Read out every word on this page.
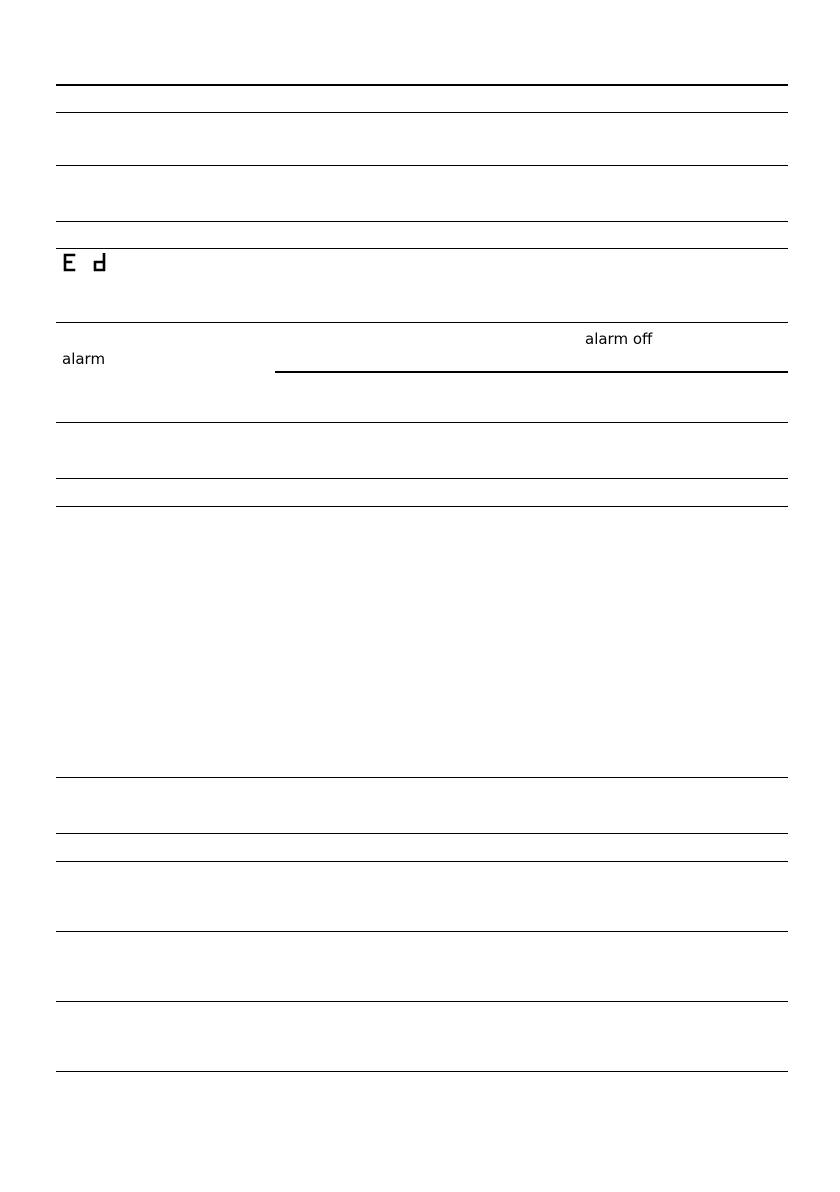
alarm
alarm off
